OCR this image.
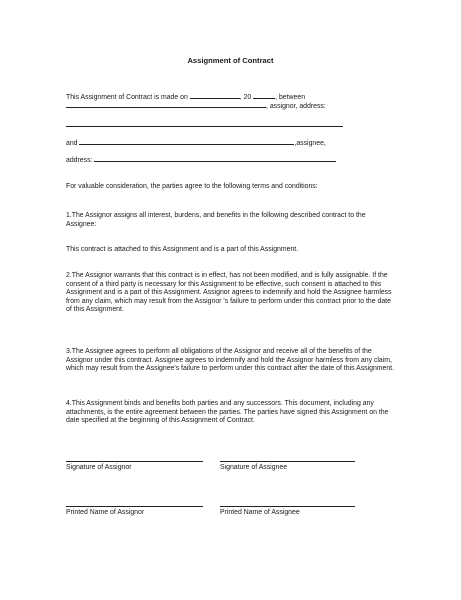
Assignment of Contract
This Assignment of Contract is made on	, 20	, between
, assignor, address:
and	,assignee,
address:
For valuable consideration, the parties agree to the following terms and conditions:
1.The Assignor assigns all interest, burdens, and benefits in the following described contract to the Assignee:
This contract is attached to this Assignment and is a part of this Assignment.
2.The Assignor warrants that this contract is in effect, has not been modified, and is fully assignable. If the consent of a third party is necessary for this Assignment to be effective, such consent is attached to this Assignment and is a part of this Assignment. Assignor agrees to indemnify and hold the Assignee harmless from any claim, which may result from the Assignor 's failure to perform under this contract prior to the date of this Assignment.
3.The Assignee agrees to perform all obligations of the Assignor and receive all of the benefits of the Assignor under this contract. Assignee agrees to indemnify and hold the Assignor harmless from any claim, which may result from the Assignee's failure to perform under this contract after the date of this Assignment.
4.This Assignment binds and benefits both parties and any successors. This document, including any attachments, is the entire agreement between the parties. The parties have signed this Assignment on the date specified at the beginning of this Assignment of Contract.
Signature of Assignor	Signature of Assignee
Printed Name of Assignor	Printed Name of Assignee
